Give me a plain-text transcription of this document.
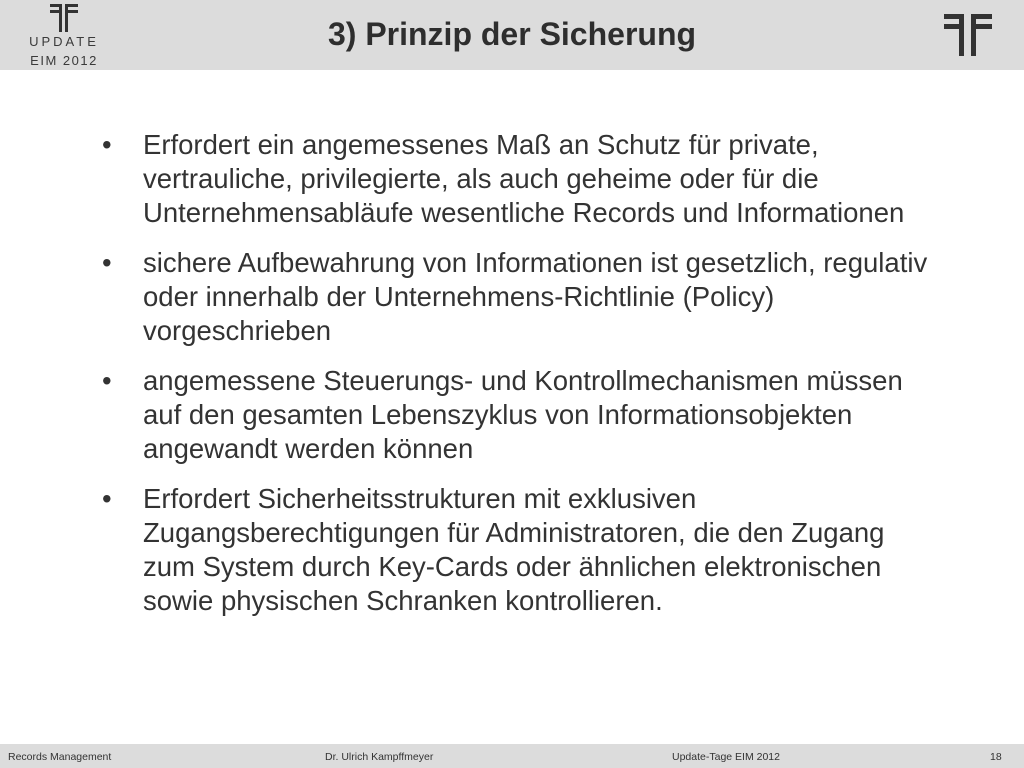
UPDATE
EIM 2012
3) Prinzip der Sicherung
• Erfordert ein angemessenes Maß an Schutz für private, vertrauliche, privilegierte, als auch geheime oder für die Unternehmensabläufe wesentliche Records und Informationen
• sichere Aufbewahrung von Informationen ist gesetzlich, regulativ oder innerhalb der Unternehmens-Richtlinie (Policy) vorgeschrieben
• angemessene Steuerungs- und Kontrollmechanismen müssen auf den gesamten Lebenszyklus von Informationsobjekten angewandt werden können
• Erfordert Sicherheitsstrukturen mit exklusiven Zugangsberechtigungen für Administratoren, die den Zugang zum System durch Key-Cards oder ähnlichen elektronischen sowie physischen Schranken kontrollieren.
Records Management	Dr. Ulrich Kampffmeyer	Update-Tage EIM 2012	18
